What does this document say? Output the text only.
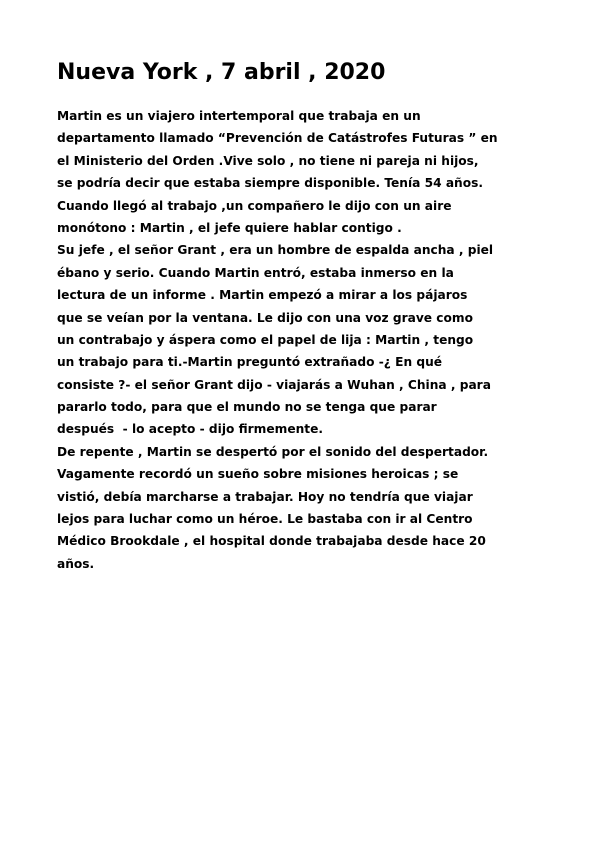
Nueva York , 7 abril , 2020
Martin es un viajero intertemporal que trabaja en un
departamento llamado “Prevención de Catástrofes Futuras ” en
el Ministerio del Orden .Vive solo , no tiene ni pareja ni hijos,
se podría decir que estaba siempre disponible. Tenía 54 años.
Cuando llegó al trabajo ,un compañero le dijo con un aire
monótono : Martin , el jefe quiere hablar contigo .
Su jefe , el señor Grant , era un hombre de espalda ancha , piel
ébano y serio. Cuando Martin entró, estaba inmerso en la
lectura de un informe . Martin empezó a mirar a los pájaros
que se veían por la ventana. Le dijo con una voz grave como
un contrabajo y áspera como el papel de lija : Martin , tengo
un trabajo para ti.-Martin preguntó extrañado -¿ En qué
consiste ?- el señor Grant dijo - viajarás a Wuhan , China , para
pararlo todo, para que el mundo no se tenga que parar
después  - lo acepto - dijo firmemente.
De repente , Martin se despertó por el sonido del despertador.
Vagamente recordó un sueño sobre misiones heroicas ; se
vistió, debía marcharse a trabajar. Hoy no tendría que viajar
lejos para luchar como un héroe. Le bastaba con ir al Centro
Médico Brookdale , el hospital donde trabajaba desde hace 20
años.
